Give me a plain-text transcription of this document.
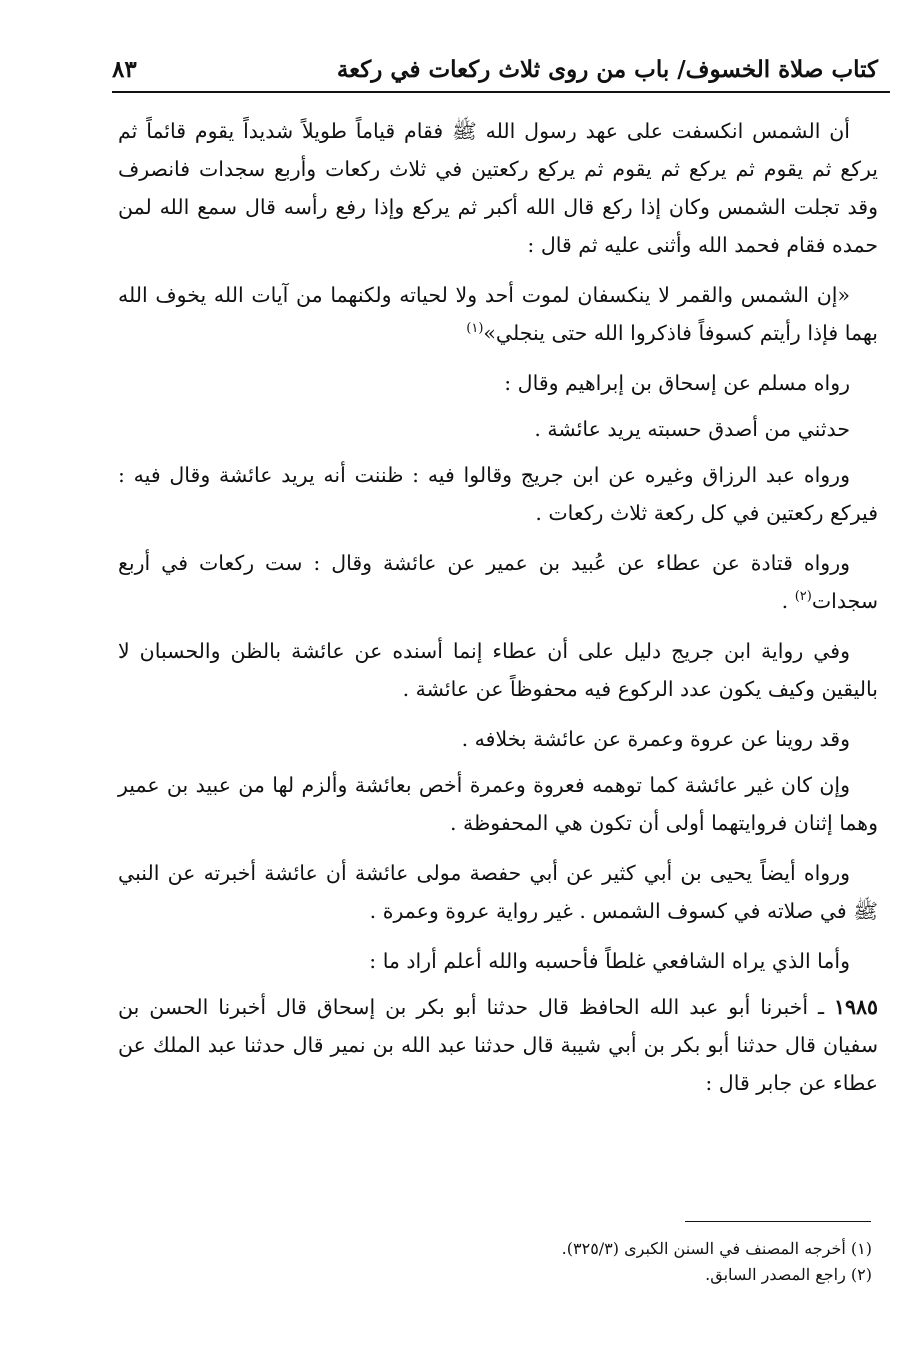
كتاب صلاة الخسوف/ باب من روى ثلاث ركعات في ركعة
٨٣

أن الشمس انكسفت على عهد رسول الله ﷺ فقام قياماً طويلاً شديداً يقوم قائماً ثم يركع ثم يقوم ثم يركع ثم يقوم ثم يركع ركعتين في ثلاث ركعات وأربع سجدات فانصرف وقد تجلت الشمس وكان إذا ركع قال الله أكبر ثم يركع وإذا رفع رأسه قال سمع الله لمن حمده فقام فحمد الله وأثنى عليه ثم قال :

«إن الشمس والقمر لا ينكسفان لموت أحد ولا لحياته ولكنهما من آيات الله يخوف الله بهما فإذا رأيتم كسوفاً فاذكروا الله حتى ينجلي»$^{(١)}$

رواه مسلم عن إسحاق بن إبراهيم وقال :

حدثني من أصدق حسبته يريد عائشة .

ورواه عبد الرزاق وغيره عن ابن جريج وقالوا فيه : ظننت أنه يريد عائشة وقال فيه : فيركع ركعتين في كل ركعة ثلاث ركعات .

ورواه قتادة عن عطاء عن عُبيد بن عمير عن عائشة وقال : ست ركعات في أربع سجدات$^{(٢)}$ .

وفي رواية ابن جريج دليل على أن عطاء إنما أسنده عن عائشة بالظن والحسبان لا باليقين وكيف يكون عدد الركوع فيه محفوظاً عن عائشة .

وقد روينا عن عروة وعمرة عن عائشة بخلافه .

وإن كان غير عائشة كما توهمه فعروة وعمرة أخص بعائشة وألزم لها من عبيد بن عمير وهما إثنان فروايتهما أولى أن تكون هي المحفوظة .

ورواه أيضاً يحيى بن أبي كثير عن أبي حفصة مولى عائشة أن عائشة أخبرته عن النبي ﷺ في صلاته في كسوف الشمس . غير رواية عروة وعمرة .

وأما الذي يراه الشافعي غلطاً فأحسبه والله أعلم أراد ما :

١٩٨٥ ـ أخبرنا أبو عبد الله الحافظ قال حدثنا أبو بكر بن إسحاق قال أخبرنا الحسن بن سفيان قال حدثنا أبو بكر بن أبي شيبة قال حدثنا عبد الله بن نمير قال حدثنا عبد الملك عن عطاء عن جابر قال :

(١) أخرجه المصنف في السنن الكبرى (٣٢٥/٣).

(٢) راجع المصدر السابق.
